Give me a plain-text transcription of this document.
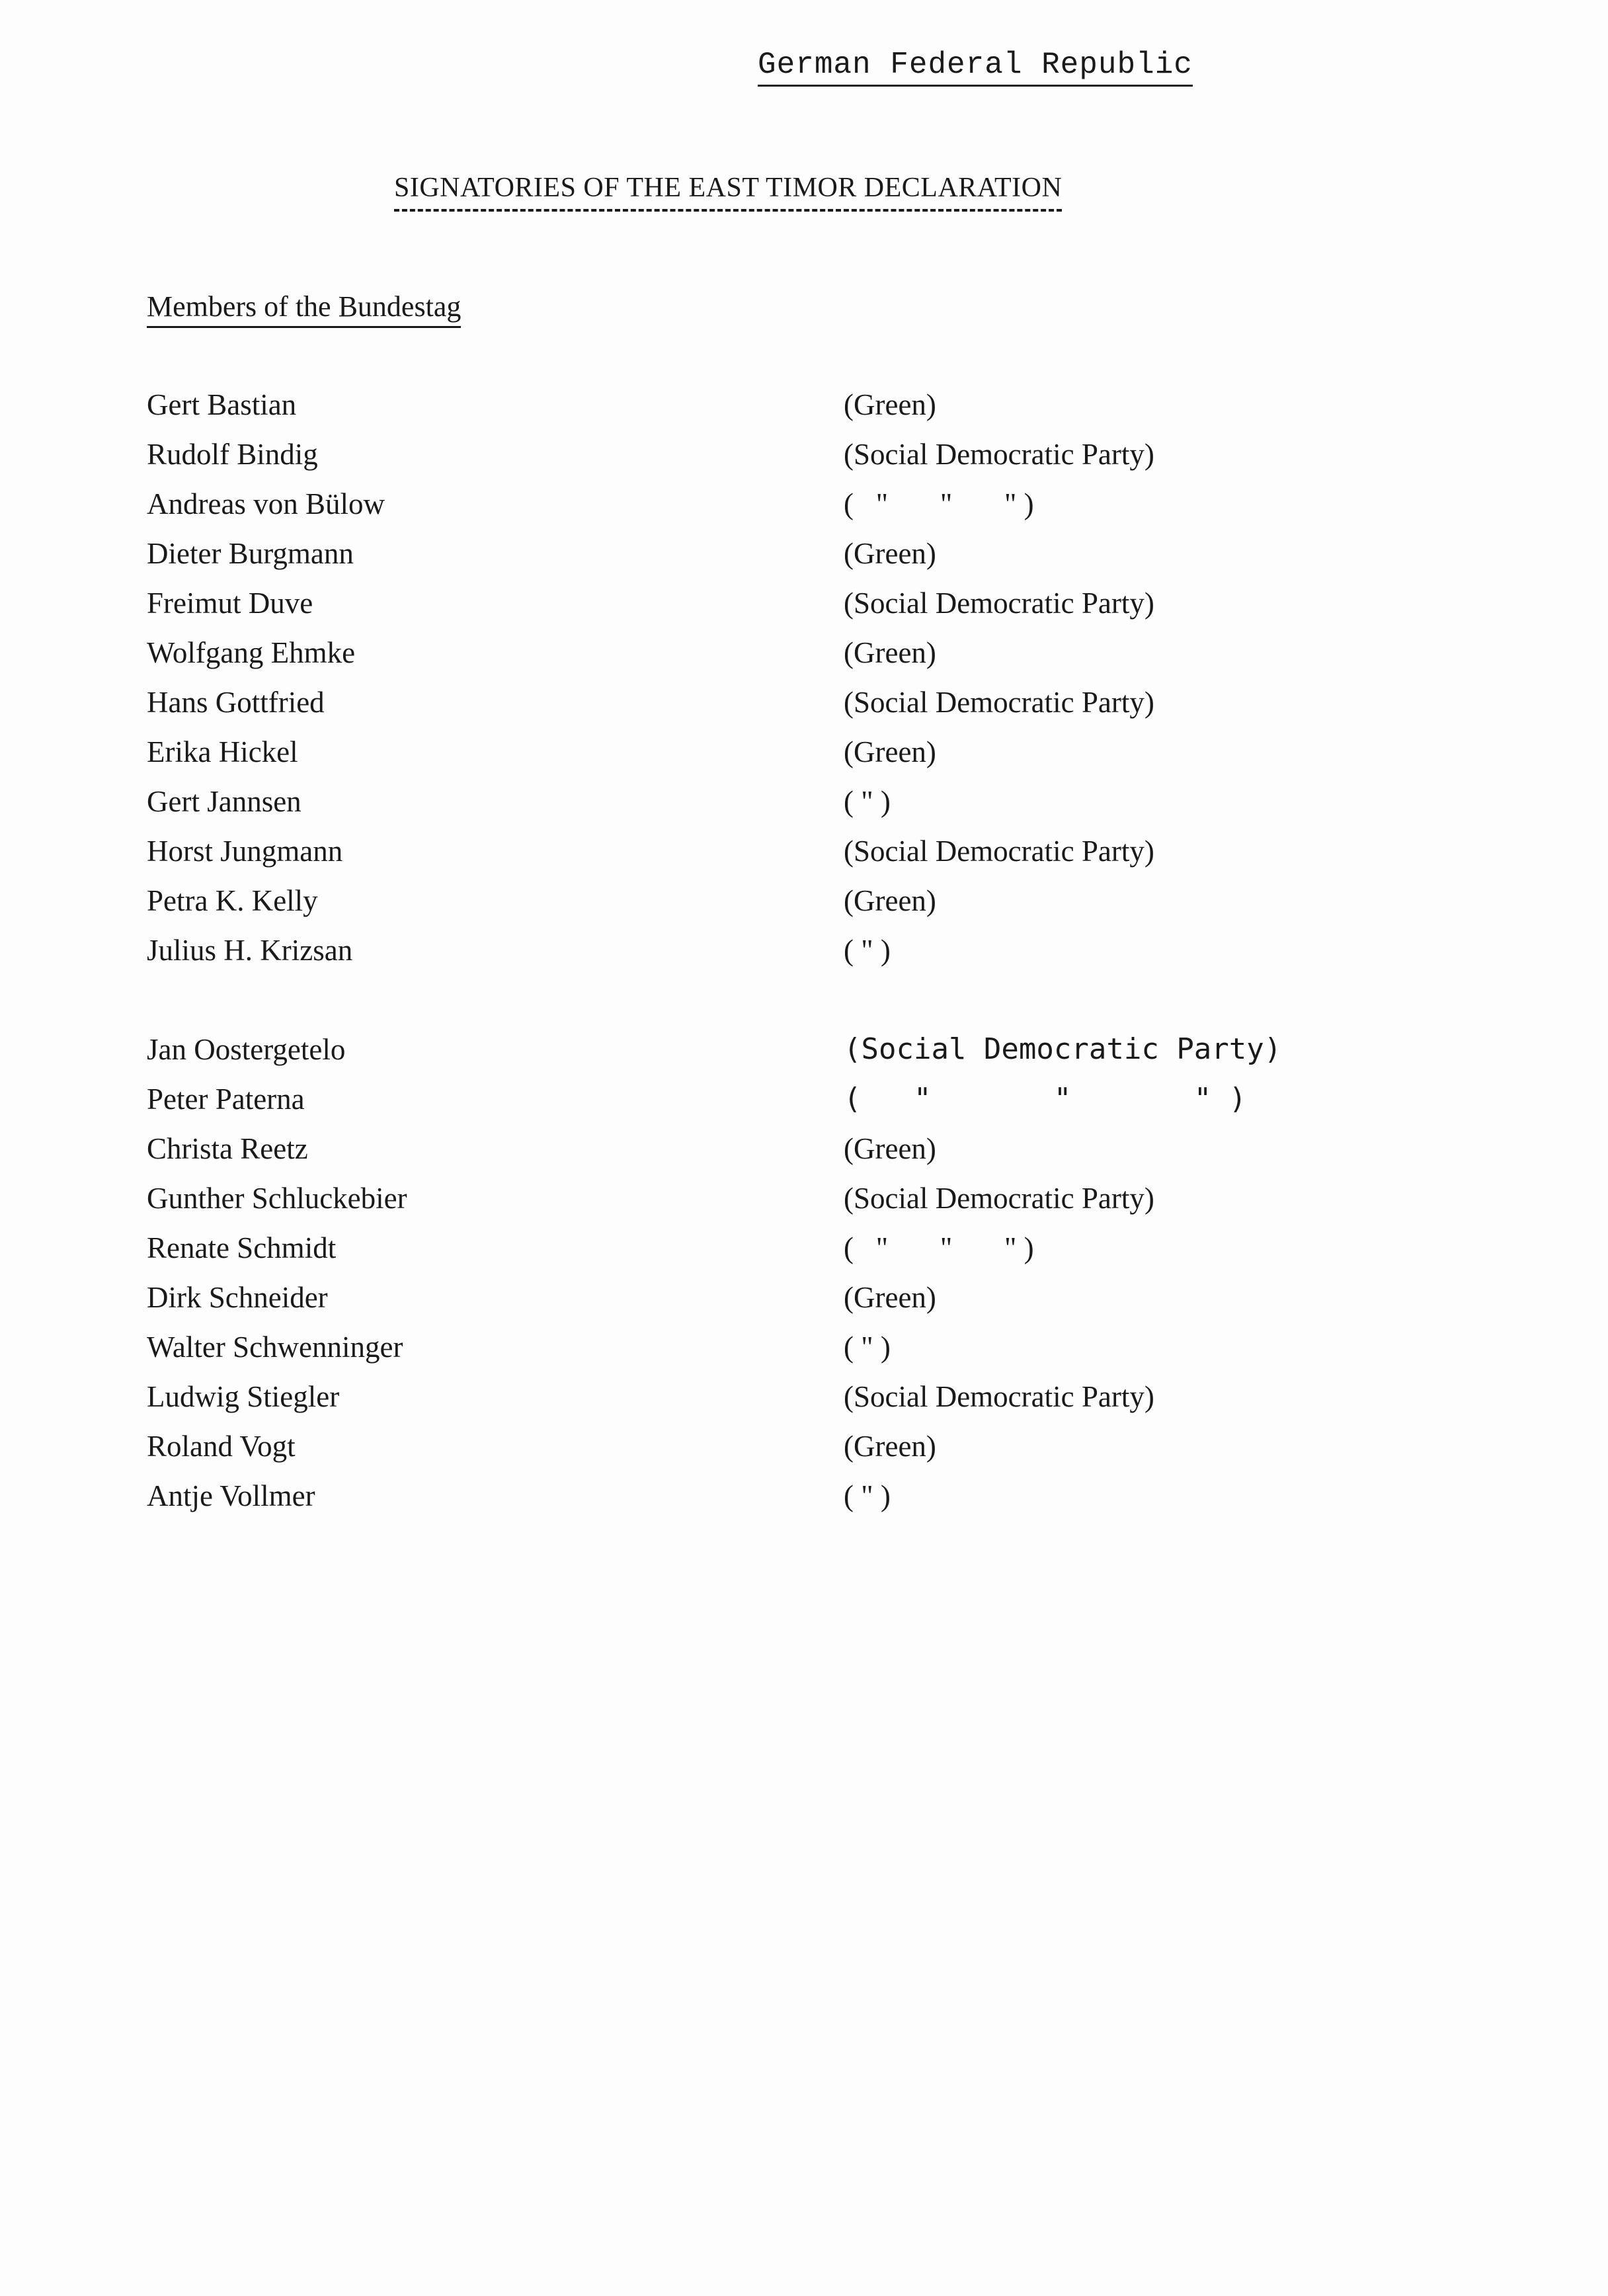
German Federal Republic
SIGNATORIES OF THE EAST TIMOR DECLARATION
Members of the Bundestag
Gert Bastian	(Green)
Rudolf Bindig	(Social Democratic Party)
Andreas von Bülow	(   "       "       " )
Dieter Burgmann	(Green)
Freimut Duve	(Social Democratic Party)
Wolfgang Ehmke	(Green)
Hans Gottfried	(Social Democratic Party)
Erika Hickel	(Green)
Gert Jannsen	( " )
Horst Jungmann	(Social Democratic Party)
Petra K. Kelly	(Green)
Julius H. Krizsan	( " )
Jan Oostergetelo	(Social Democratic Party)
Peter Paterna	(   "       "       " )
Christa Reetz	(Green)
Gunther Schluckebier	(Social Democratic Party)
Renate Schmidt	(   "       "       " )
Dirk Schneider	(Green)
Walter Schwenninger	( " )
Ludwig Stiegler	(Social Democratic Party)
Roland Vogt	(Green)
Antje Vollmer	( " )
